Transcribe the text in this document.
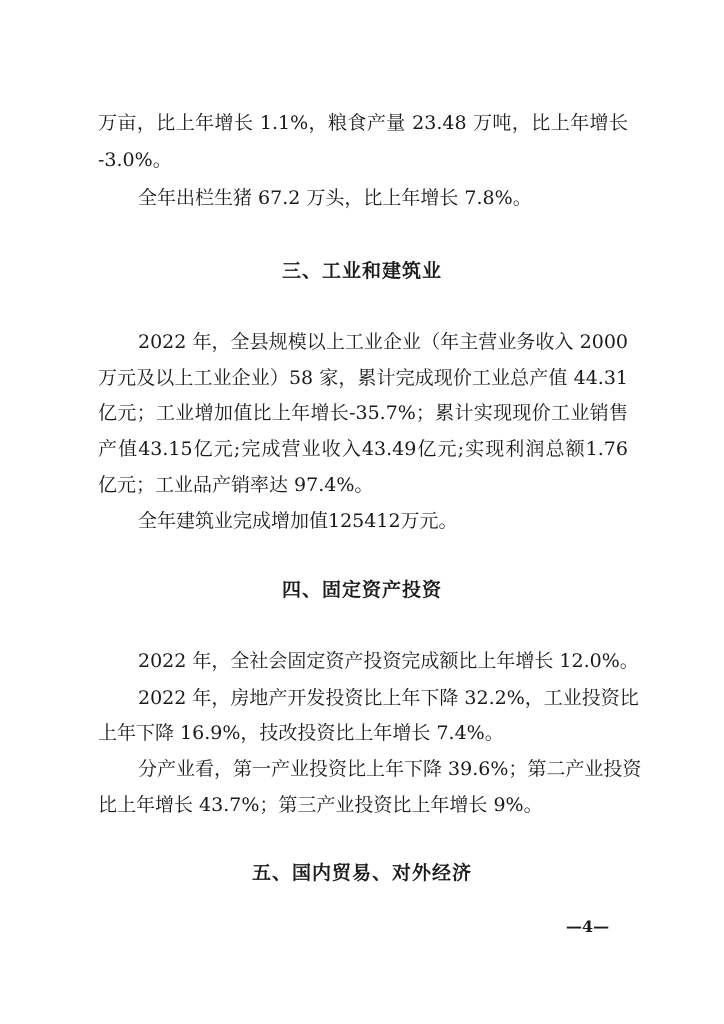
万亩，比上年增长 1.1%，粮食产量 23.48 万吨，比上年增长
-3.0%。
全年出栏生猪 67.2 万头，比上年增长 7.8%。
三、工业和建筑业
2022 年，全县规模以上工业企业（年主营业务收入 2000
万元及以上工业企业）58 家，累计完成现价工业总产值 44.31
亿元；工业增加值比上年增长-35.7%；累计实现现价工业销售
产值43.15亿元;完成营业收入43.49亿元;实现利润总额1.76
亿元；工业品产销率达 97.4%。
全年建筑业完成增加值125412万元。
四、固定资产投资
2022 年，全社会固定资产投资完成额比上年增长 12.0%。
2022 年，房地产开发投资比上年下降 32.2%，工业投资比
上年下降 16.9%，技改投资比上年增长 7.4%。
分产业看，第一产业投资比上年下降 39.6%；第二产业投资
比上年增长 43.7%；第三产业投资比上年增长 9%。
五、国内贸易、对外经济
—4—
